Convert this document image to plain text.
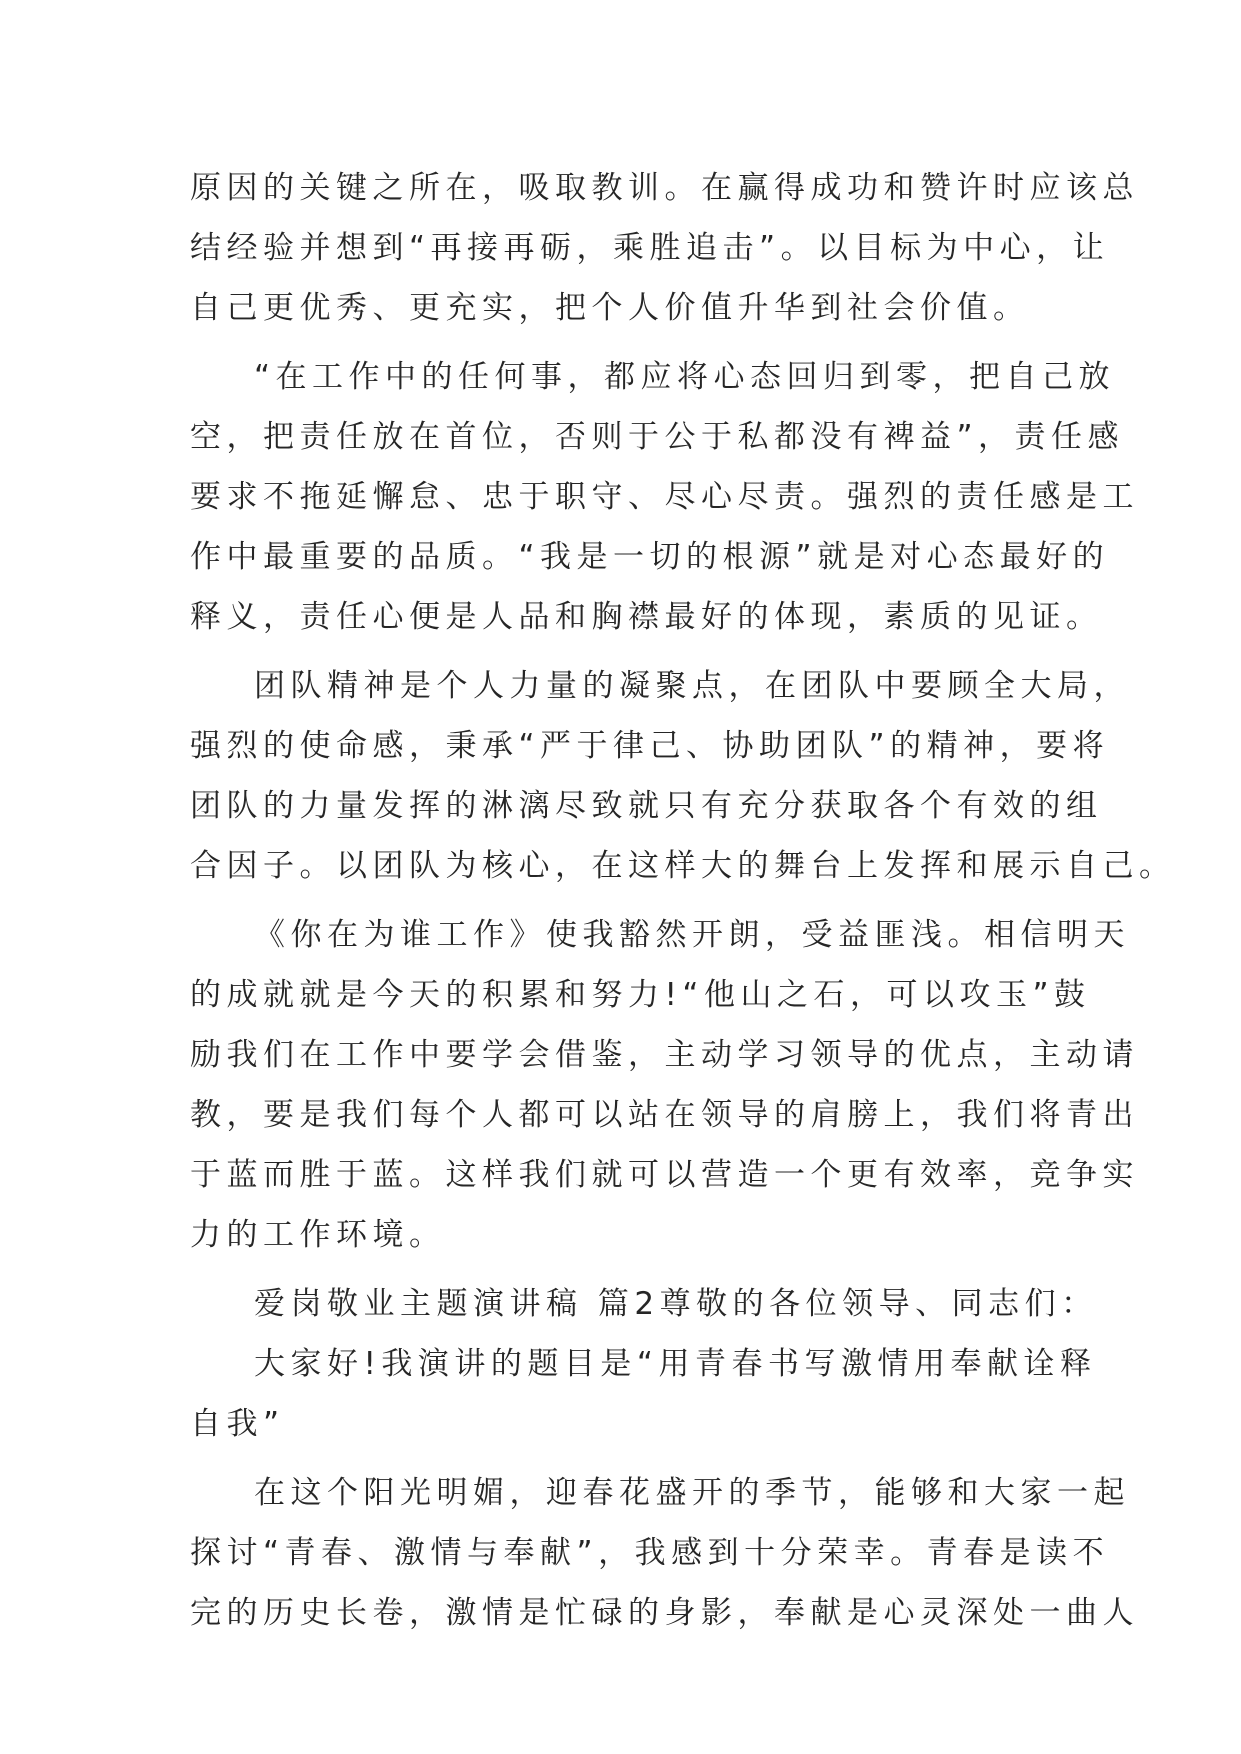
原因的关键之所在，吸取教训。在赢得成功和赞许时应该总
结经验并想到“再接再砺，乘胜追击”。以目标为中心，让
自己更优秀、更充实，把个人价值升华到社会价值。
“在工作中的任何事，都应将心态回归到零，把自己放
空，把责任放在首位，否则于公于私都没有裨益”，责任感
要求不拖延懈怠、忠于职守、尽心尽责。强烈的责任感是工
作中最重要的品质。“我是一切的根源”就是对心态最好的
释义，责任心便是人品和胸襟最好的体现，素质的见证。
团队精神是个人力量的凝聚点，在团队中要顾全大局，
强烈的使命感，秉承“严于律己、协助团队”的精神，要将
团队的力量发挥的淋漓尽致就只有充分获取各个有效的组
合因子。以团队为核心，在这样大的舞台上发挥和展示自己。
《你在为谁工作》使我豁然开朗，受益匪浅。相信明天
的成就就是今天的积累和努力!“他山之石，可以攻玉”鼓
励我们在工作中要学会借鉴，主动学习领导的优点，主动请
教，要是我们每个人都可以站在领导的肩膀上，我们将青出
于蓝而胜于蓝。这样我们就可以营造一个更有效率，竞争实
力的工作环境。
爱岗敬业主题演讲稿 篇2尊敬的各位领导、同志们：
大家好!我演讲的题目是“用青春书写激情用奉献诠释
自我”
在这个阳光明媚，迎春花盛开的季节，能够和大家一起
探讨“青春、激情与奉献”，我感到十分荣幸。青春是读不
完的历史长卷，激情是忙碌的身影，奉献是心灵深处一曲人
